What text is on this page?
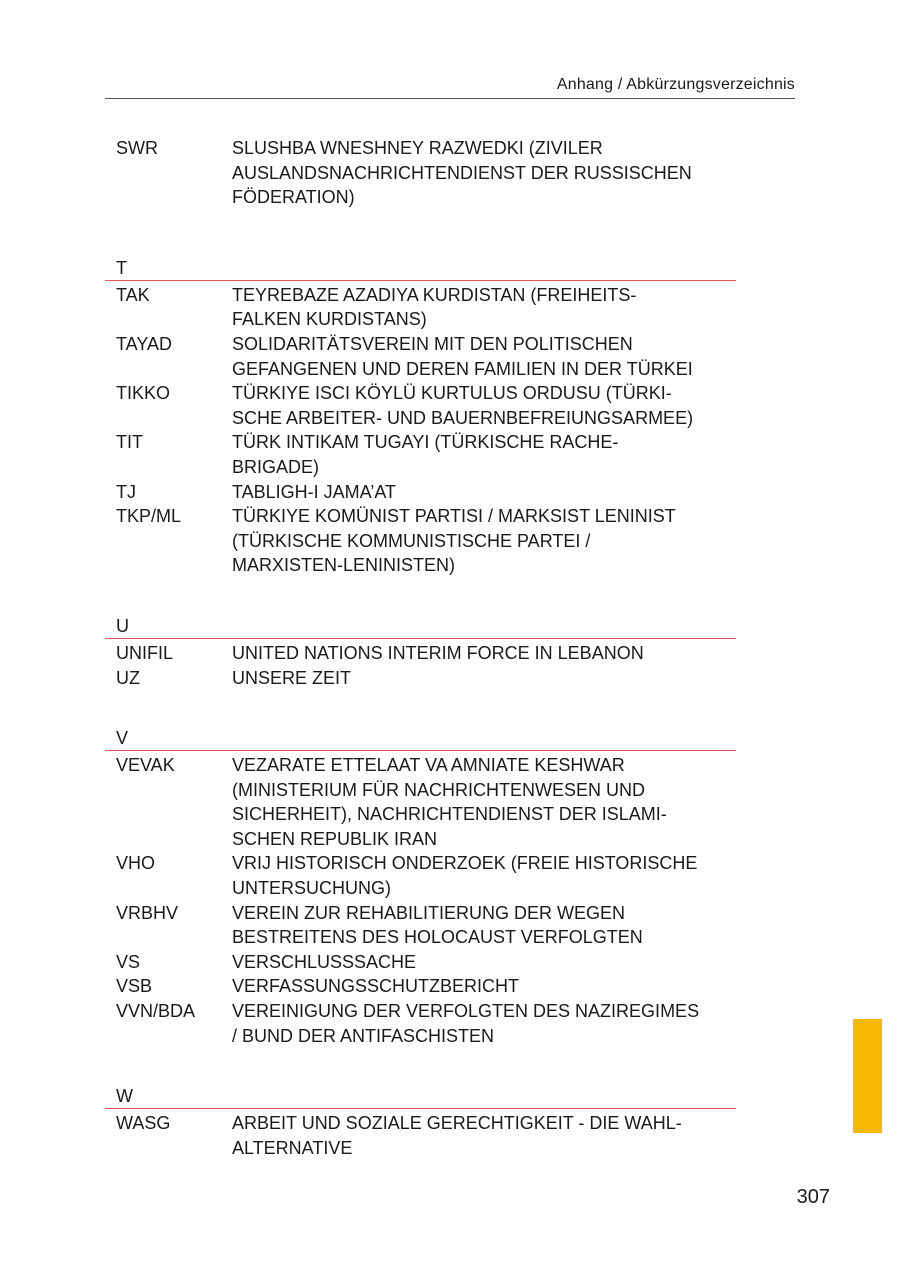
Anhang / Abkürzungsverzeichnis
SWR	SLUSHBA WNESHNEY RAZWEDKI (ZIVILER
AUSLANDSNACHRICHTENDIENST DER RUSSISCHEN
FÖDERATION)
T
TAK	TEYREBAZE AZADIYA KURDISTAN (FREIHEITS-
FALKEN KURDISTANS)
TAYAD	SOLIDARITÄTSVEREIN MIT DEN POLITISCHEN
GEFANGENEN UND DEREN FAMILIEN IN DER TÜRKEI
TIKKO	TÜRKIYE ISCI KÖYLÜ KURTULUS ORDUSU (TÜRKI-
SCHE ARBEITER- UND BAUERNBEFREIUNGSARMEE)
TIT	TÜRK INTIKAM TUGAYI (TÜRKISCHE RACHE-
BRIGADE)
TJ	TABLIGH-I JAMA’AT
TKP/ML	TÜRKIYE KOMÜNIST PARTISI / MARKSIST LENINIST
(TÜRKISCHE KOMMUNISTISCHE PARTEI /
MARXISTEN-LENINISTEN)
U
UNIFIL	UNITED NATIONS INTERIM FORCE IN LEBANON
UZ	UNSERE ZEIT
V
VEVAK	VEZARATE ETTELAAT VA AMNIATE KESHWAR
(MINISTERIUM FÜR NACHRICHTENWESEN UND
SICHERHEIT), NACHRICHTENDIENST DER ISLAMI-
SCHEN REPUBLIK IRAN
VHO	VRIJ HISTORISCH ONDERZOEK (FREIE HISTORISCHE
UNTERSUCHUNG)
VRBHV	VEREIN ZUR REHABILITIERUNG DER WEGEN
BESTREITENS DES HOLOCAUST VERFOLGTEN
VS	VERSCHLUSSSACHE
VSB	VERFASSUNGSSCHUTZBERICHT
VVN/BDA	VEREINIGUNG DER VERFOLGTEN DES NAZIREGIMES
/ BUND DER ANTIFASCHISTEN
W
WASG	ARBEIT UND SOZIALE GERECHTIGKEIT - DIE WAHL-
ALTERNATIVE
307
